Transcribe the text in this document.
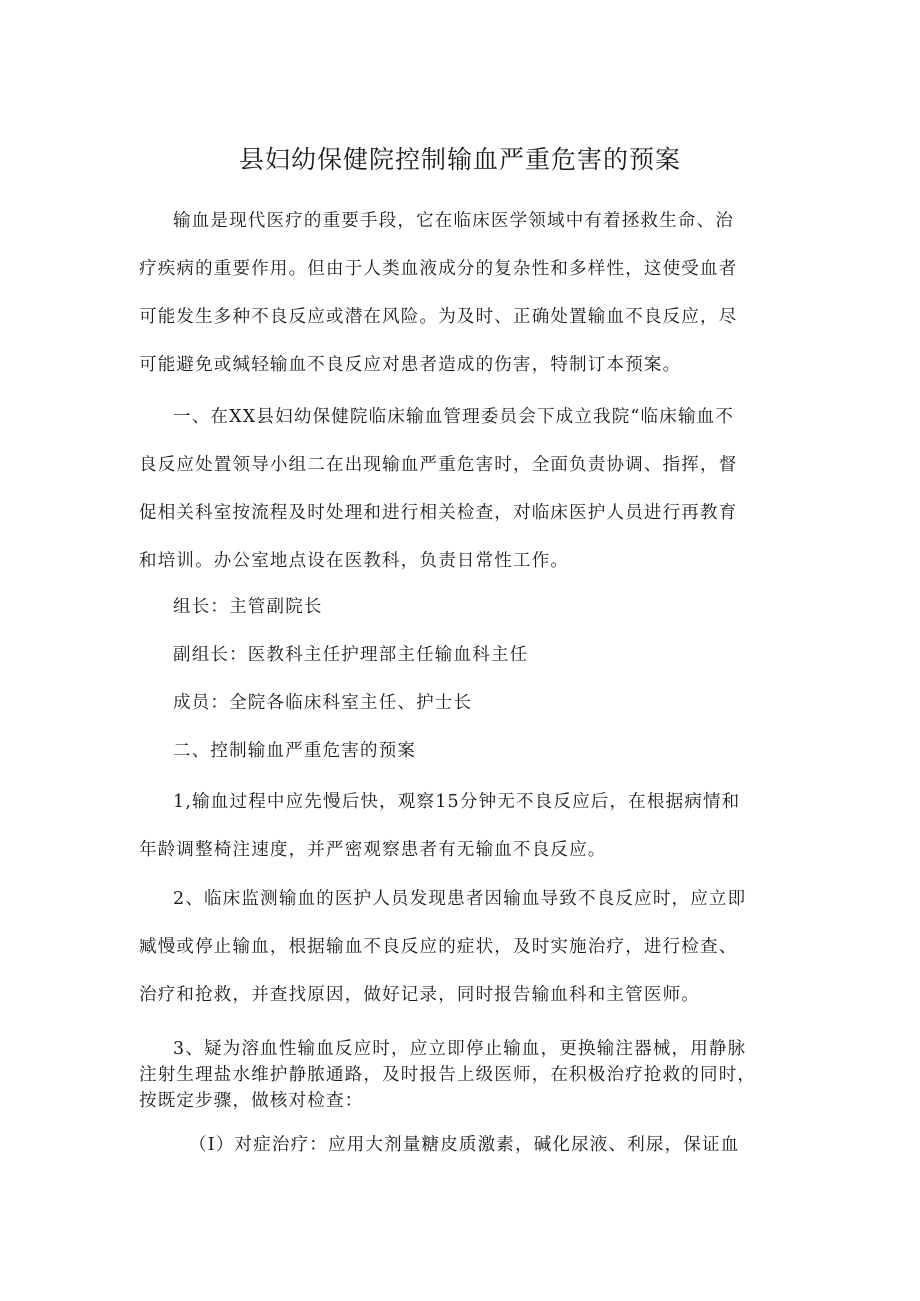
县妇幼保健院控制输血严重危害的预案
输血是现代医疗的重要手段，它在临床医学领域中有着拯救生命、治
疗疾病的重要作用。但由于人类血液成分的复杂性和多样性，这使受血者
可能发生多种不良反应或潜在风险。为及时、正确处置输血不良反应，尽
可能避免或缄轻输血不良反应对患者造成的伤害，特制订本预案。
一、在XX县妇幼保健院临床输血管理委员会下成立我院“临床输血不
良反应处置领导小组二在出现输血严重危害时，全面负责协调、指挥，督
促相关科室按流程及时处理和进行相关检查，对临床医护人员进行再教育
和培训。办公室地点设在医教科，负责日常性工作。
组长：主管副院长
副组长：医教科主任护理部主任输血科主任
成员：全院各临床科室主任、护士长
二、控制输血严重危害的预案
1,输血过程中应先慢后快，观察15分钟无不良反应后，在根据病情和
年龄调整椅注速度，并严密观察患者有无输血不良反应。
2、临床监测输血的医护人员发现患者因输血导致不良反应时，应立即
臧慢或停止输血，根据输血不良反应的症状，及时实施治疗，进行检查、
治疗和抢救，并查找原因，做好记录，同时报告输血科和主管医师。
3、疑为溶血性输血反应时，应立即停止输血，更换输注器械，用静脉
注射生理盐水维护静脓通路，及时报告上级医师，在积极治疗抢救的同时，
按既定步骤，做核对检查：
（I）对症治疗：应用大剂量糖皮质激素，碱化尿液、利尿，保证血
